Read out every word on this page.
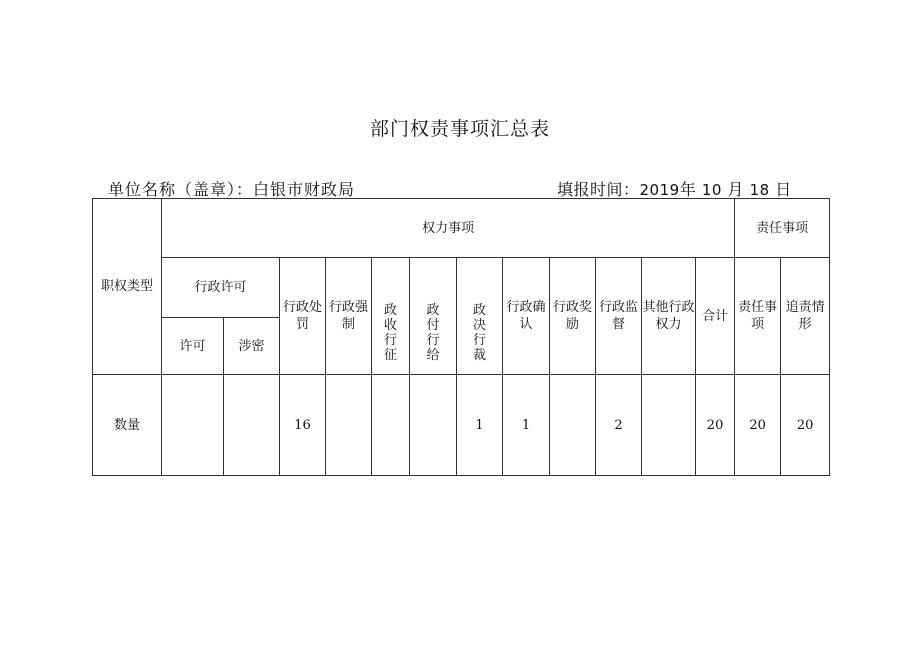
部门权责事项汇总表
单位名称（盖章）：白银市财政局	填报时间：2019年 10 月 18 日
职权类型	权力事项												责任事项	
	行政许可		行政处罚	行政强制	政收行征	政付行给	政决行裁	行政确认	行政奖励	行政监督	其他行政权力	合计	责任事项	追责情形
	许可	涉密												
数量			16				1	1		2		20	20	20
